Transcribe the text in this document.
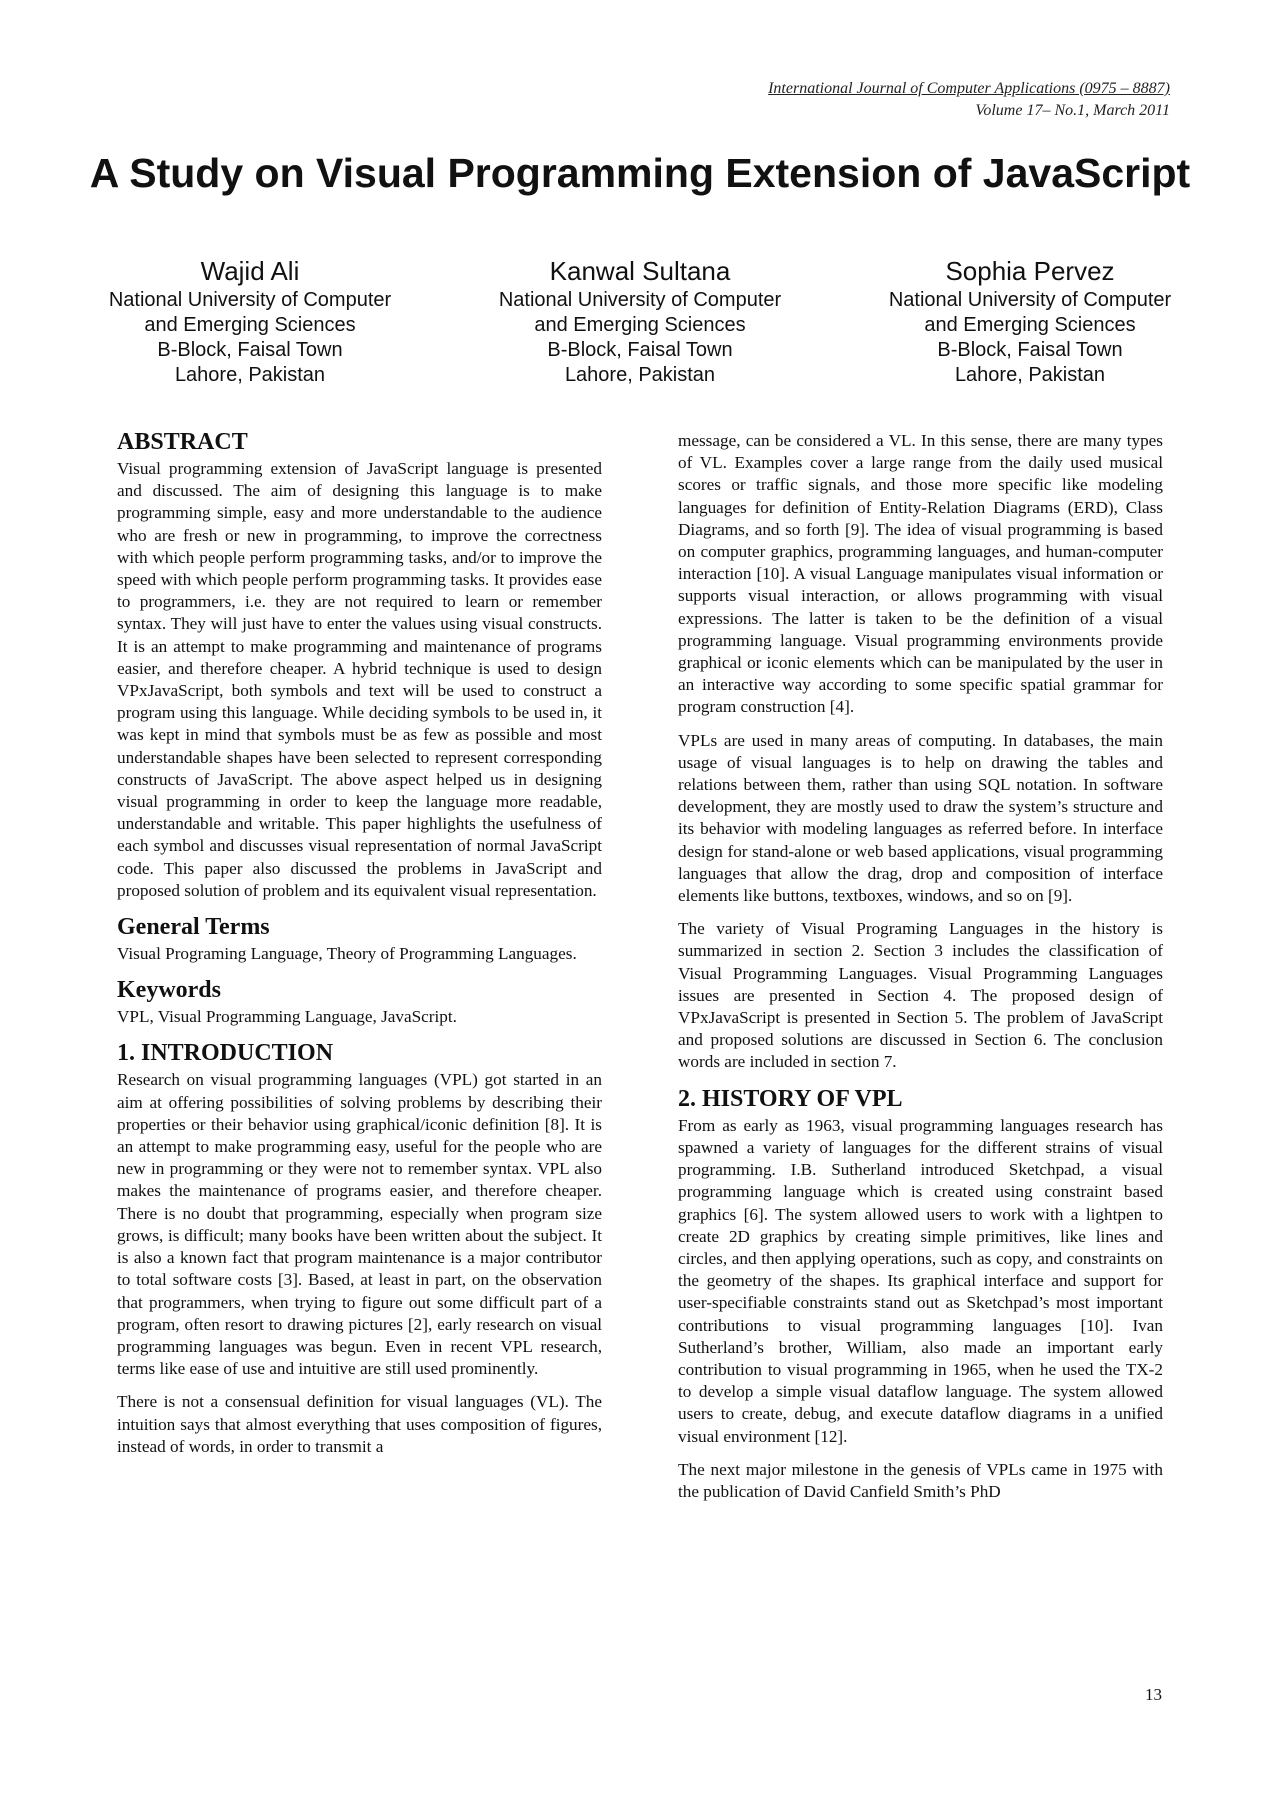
International Journal of Computer Applications (0975 – 8887)
Volume 17– No.1, March 2011
A Study on Visual Programming Extension of JavaScript
Wajid Ali
National University of Computer
and Emerging Sciences
B-Block, Faisal Town
Lahore, Pakistan
Kanwal Sultana
National University of Computer
and Emerging Sciences
B-Block, Faisal Town
Lahore, Pakistan
Sophia Pervez
National University of Computer
and Emerging Sciences
B-Block, Faisal Town
Lahore, Pakistan
ABSTRACT

Visual programming extension of JavaScript language is presented and discussed. The aim of designing this language is to make programming simple, easy and more understandable to the audience who are fresh or new in programming, to improve the correctness with which people perform programming tasks, and/or to improve the speed with which people perform programming tasks. It provides ease to programmers, i.e. they are not required to learn or remember syntax. They will just have to enter the values using visual constructs. It is an attempt to make programming and maintenance of programs easier, and therefore cheaper. A hybrid technique is used to design VPxJavaScript, both symbols and text will be used to construct a program using this language. While deciding symbols to be used in, it was kept in mind that symbols must be as few as possible and most understandable shapes have been selected to represent corresponding constructs of JavaScript. The above aspect helped us in designing visual programming in order to keep the language more readable, understandable and writable. This paper highlights the usefulness of each symbol and discusses visual representation of normal JavaScript code. This paper also discussed the problems in JavaScript and proposed solution of problem and its equivalent visual representation.

General Terms

Visual Programing Language, Theory of Programming Languages.

Keywords

VPL, Visual Programming Language, JavaScript.

1. INTRODUCTION

Research on visual programming languages (VPL) got started in an aim at offering possibilities of solving problems by describing their properties or their behavior using graphical/iconic definition [8]. It is an attempt to make programming easy, useful for the people who are new in programming or they were not to remember syntax. VPL also makes the maintenance of programs easier, and therefore cheaper. There is no doubt that programming, especially when program size grows, is difficult; many books have been written about the subject. It is also a known fact that program maintenance is a major contributor to total software costs [3]. Based, at least in part, on the observation that programmers, when trying to figure out some difficult part of a program, often resort to drawing pictures [2], early research on visual programming languages was begun. Even in recent VPL research, terms like ease of use and intuitive are still used prominently.

There is not a consensual definition for visual languages (VL). The intuition says that almost everything that uses composition of figures, instead of words, in order to transmit a

message, can be considered a VL. In this sense, there are many types of VL. Examples cover a large range from the daily used musical scores or traffic signals, and those more specific like modeling languages for definition of Entity-Relation Diagrams (ERD), Class Diagrams, and so forth [9]. The idea of visual programming is based on computer graphics, programming languages, and human-computer interaction [10]. A visual Language manipulates visual information or supports visual interaction, or allows programming with visual expressions. The latter is taken to be the definition of a visual programming language. Visual programming environments provide graphical or iconic elements which can be manipulated by the user in an interactive way according to some specific spatial grammar for program construction [4].

VPLs are used in many areas of computing. In databases, the main usage of visual languages is to help on drawing the tables and relations between them, rather than using SQL notation. In software development, they are mostly used to draw the system’s structure and its behavior with modeling languages as referred before. In interface design for stand-alone or web based applications, visual programming languages that allow the drag, drop and composition of interface elements like buttons, textboxes, windows, and so on [9].

The variety of Visual Programing Languages in the history is summarized in section 2. Section 3 includes the classification of Visual Programming Languages. Visual Programming Languages issues are presented in Section 4. The proposed design of VPxJavaScript is presented in Section 5. The problem of JavaScript and proposed solutions are discussed in Section 6. The conclusion words are included in section 7.

2. HISTORY OF VPL

From as early as 1963, visual programming languages research has spawned a variety of languages for the different strains of visual programming. I.B. Sutherland introduced Sketchpad, a visual programming language which is created using constraint based graphics [6]. The system allowed users to work with a lightpen to create 2D graphics by creating simple primitives, like lines and circles, and then applying operations, such as copy, and constraints on the geometry of the shapes. Its graphical interface and support for user-specifiable constraints stand out as Sketchpad’s most important contributions to visual programming languages [10]. Ivan Sutherland’s brother, William, also made an important early contribution to visual programming in 1965, when he used the TX-2 to develop a simple visual dataflow language. The system allowed users to create, debug, and execute dataflow diagrams in a unified visual environment [12].

The next major milestone in the genesis of VPLs came in 1975 with the publication of David Canfield Smith’s PhD

13
